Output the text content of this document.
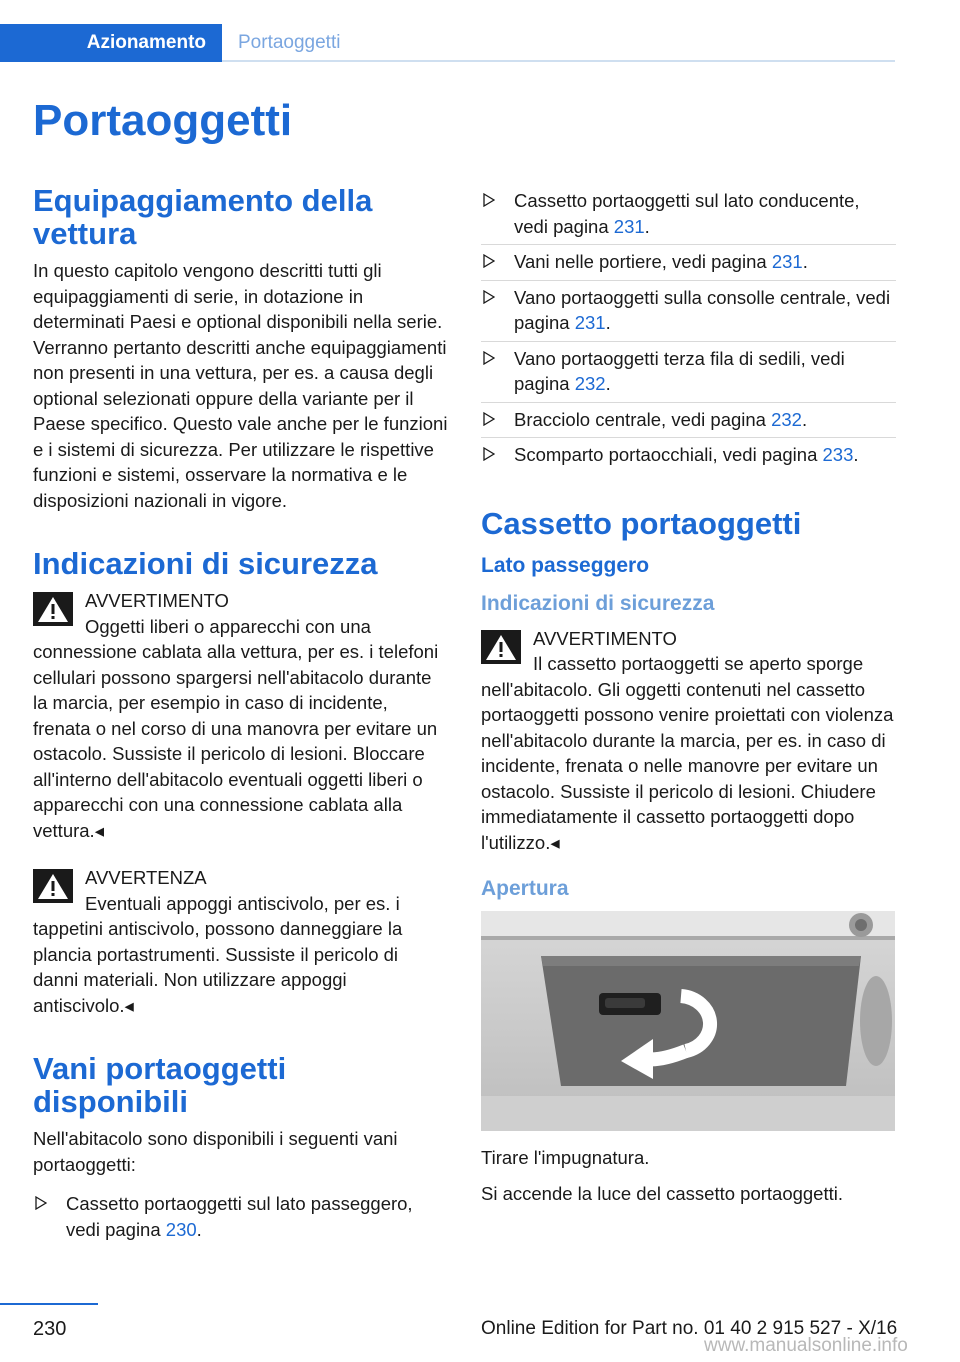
Azionamento Portaoggetti
Portaoggetti
Equipaggiamento della vettura

In questo capitolo vengono descritti tutti gli equipaggiamenti di serie, in dotazione in determinati Paesi e optional disponibili nella serie. Verranno pertanto descritti anche equipaggiamenti non presenti in una vettura, per es. a causa degli optional selezionati oppure della variante per il Paese specifico. Questo vale anche per le funzioni e i sistemi di sicurezza. Per utilizzare le rispettive funzioni e sistemi, osservare la normativa e le disposizioni nazionali in vigore.

Indicazioni di sicurezza
AVVERTIMENTO
Oggetti liberi o apparecchi con una connessione cablata alla vettura, per es. i telefoni cellulari possono spargersi nell'abitacolo durante la marcia, per esempio in caso di incidente, frenata o nel corso di una manovra per evitare un ostacolo. Sussiste il pericolo di lesioni. Bloccare all'interno dell'abitacolo eventuali oggetti liberi o apparecchi con una connessione cablata alla vettura.◂
AVVERTENZA
Eventuali appoggi antiscivolo, per es. i tappetini antiscivolo, possono danneggiare la plancia portastrumenti. Sussiste il pericolo di danni materiali. Non utilizzare appoggi antiscivolo.◂
Vani portaoggetti disponibili

Nell'abitacolo sono disponibili i seguenti vani portaoggetti:

Cassetto portaoggetti sul lato passeggero, vedi pagina 230.
Cassetto portaoggetti sul lato conducente, vedi pagina 231.
Vani nelle portiere, vedi pagina 231.
Vano portaoggetti sulla consolle centrale, vedi pagina 231.
Vano portaoggetti terza fila di sedili, vedi pagina 232.
Bracciolo centrale, vedi pagina 232.
Scomparto portaocchiali, vedi pagina 233.
Cassetto portaoggetti
Lato passeggero
Indicazioni di sicurezza
AVVERTIMENTO
Il cassetto portaoggetti se aperto sporge nell'abitacolo. Gli oggetti contenuti nel cassetto portaoggetti possono venire proiettati con violenza nell'abitacolo durante la marcia, per es. in caso di incidente, frenata o nelle manovre per evitare un ostacolo. Sussiste il pericolo di lesioni. Chiudere immediatamente il cassetto portaoggetti dopo l'utilizzo.◂
Apertura

Tirare l'impugnatura.

Si accende la luce del cassetto portaoggetti.

230	Online Edition for Part no. 01 40 2 915 527 - X/16
www.manualsonline.info
